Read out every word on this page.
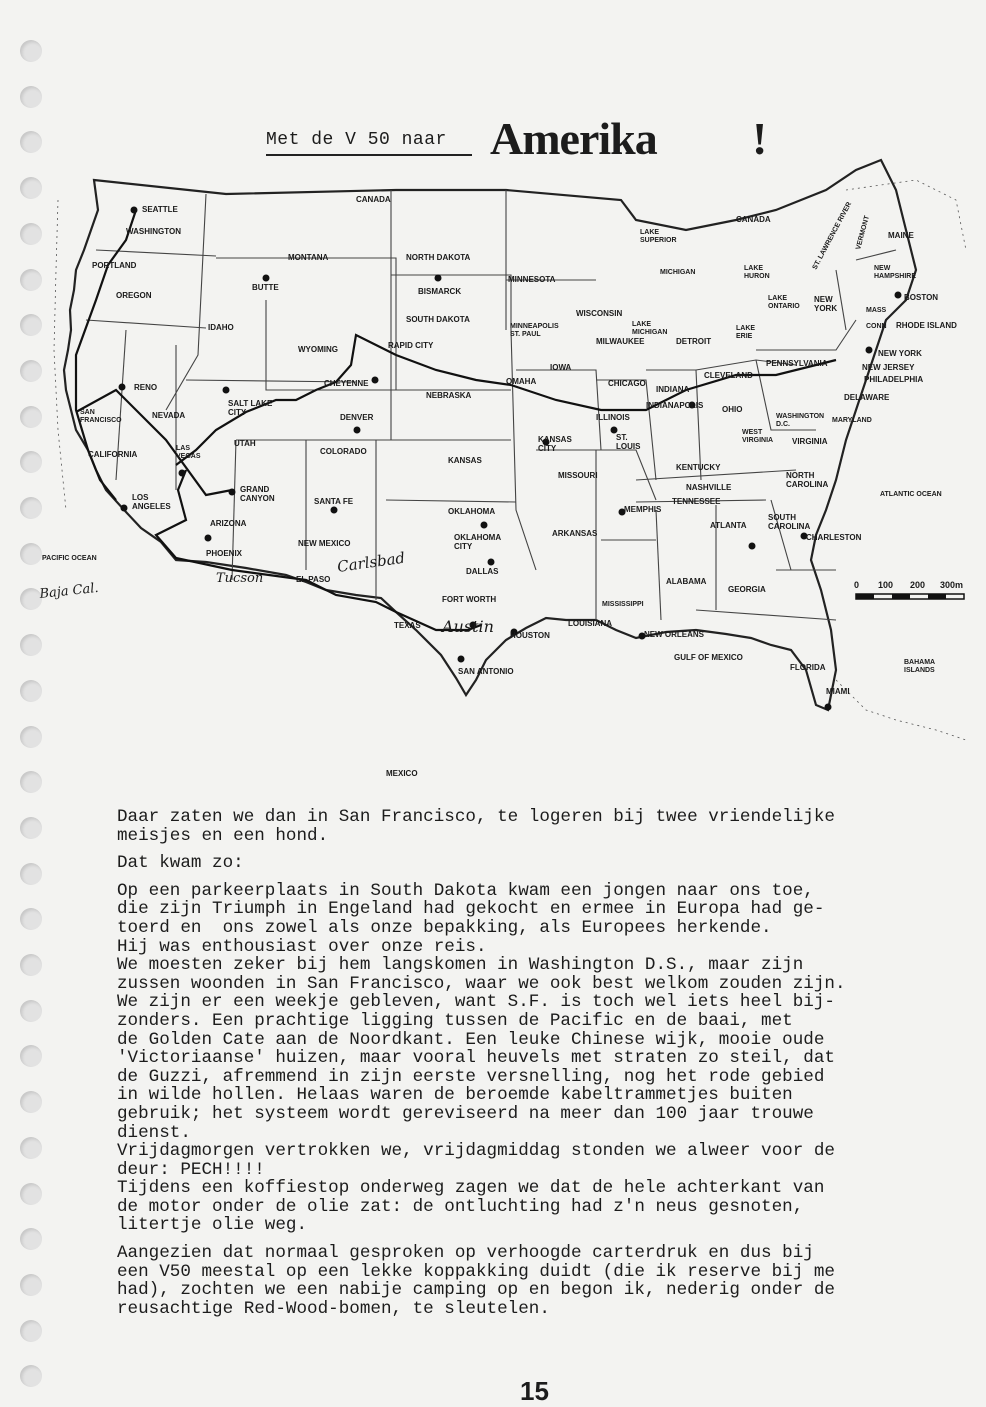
Met de V 50 naar Amerika !
0 100 200 300m
CANADA
CANADA
SEATTLE
WASHINGTON
PORTLAND
OREGON
MONTANA
BUTTE
IDAHO
NORTH DAKOTA
BISMARCK
SOUTH DAKOTA
RAPID CITY
WYOMING
CHEYENNE
RENO
SALT LAKE CITY
NEVADA
SAN FRANCISCO
UTAH
DENVER
COLORADO
CALIFORNIA
LAS VEGAS
NEBRASKA
KANSAS
GRAND CANYON
LOS ANGELES
ARIZONA
SANTA FE
NEW MEXICO
PHOENIX
PACIFIC OCEAN
EL PASO
OKLAHOMA
OKLAHOMA CITY
DALLAS
FORT WORTH
TEXAS
HOUSTON
SAN ANTONIO
MEXICO
MINNESOTA
MINNEAPOLIS ST. PAUL
IOWA
OMAHA
KANSAS CITY
MISSOURI
ST. LOUIS
ARKANSAS
LOUISIANA
NEW ORLEANS
MISSISSIPPI
MEMPHIS
WISCONSIN
MILWAUKEE
CHICAGO
ILLINOIS
LAKE SUPERIOR
MICHIGAN
LAKE MICHIGAN
LAKE HURON
LAKE ONTARIO
LAKE ERIE
DETROIT
CLEVELAND
INDIANA
INDIANAPOLIS OHIO
KENTUCKY
NASHVILLE
TENNESSEE
ALABAMA
ATLANTA
GEORGIA
FLORIDA
MIAMI
GULF OF MEXICO
BAHAMA ISLANDS
SOUTH CAROLINA
CHARLESTON
NORTH CAROLINA
ATLANTIC OCEAN
VIRGINIA
WEST VIRGINIA
WASHINGTON D.C.
MARYLAND
DELAWARE
PENNSYLVANIA
NEW YORK
NEW YORK
NEW JERSEY
PHILADELPHIA
ST. LAWRENCE RIVER	MAINE
VERMONT
NEW HAMPSHIRE
MASS
BOSTON
CONN RHODE ISLAND
Baja Cal.
Tucson
Carlsbad
Austin
Daar zaten we dan in San Francisco, te logeren bij twee vriendelijke
meisjes en een hond.
Dat kwam zo:
Op een parkeerplaats in South Dakota kwam een jongen naar ons toe,
die zijn Triumph in Engeland had gekocht en ermee in Europa had ge-
toerd en  ons zowel als onze bepakking, als Europees herkende.
Hij was enthousiast over onze reis.
We moesten zeker bij hem langskomen in Washington D.S., maar zijn
zussen woonden in San Francisco, waar we ook best welkom zouden zijn.
We zijn er een weekje gebleven, want S.F. is toch wel iets heel bij-
zonders. Een prachtige ligging tussen de Pacific en de baai, met
de Golden Cate aan de Noordkant. Een leuke Chinese wijk, mooie oude
'Victoriaanse' huizen, maar vooral heuvels met straten zo steil, dat
de Guzzi, afremmend in zijn eerste versnelling, nog het rode gebied
in wilde hollen. Helaas waren de beroemde kabeltrammetjes buiten
gebruik; het systeem wordt gereviseerd na meer dan 100 jaar trouwe
dienst.
Vrijdagmorgen vertrokken we, vrijdagmiddag stonden we alweer voor de
deur: PECH!!!!
Tijdens een koffiestop onderweg zagen we dat de hele achterkant van
de motor onder de olie zat: de ontluchting had z'n neus gesnoten,
litertje olie weg.
Aangezien dat normaal gesproken op verhoogde carterdruk en dus bij
een V50 meestal op een lekke koppakking duidt (die ik reserve bij me
had), zochten we een nabije camping op en begon ik, nederig onder de
reusachtige Red-Wood-bomen, te sleutelen.
15
